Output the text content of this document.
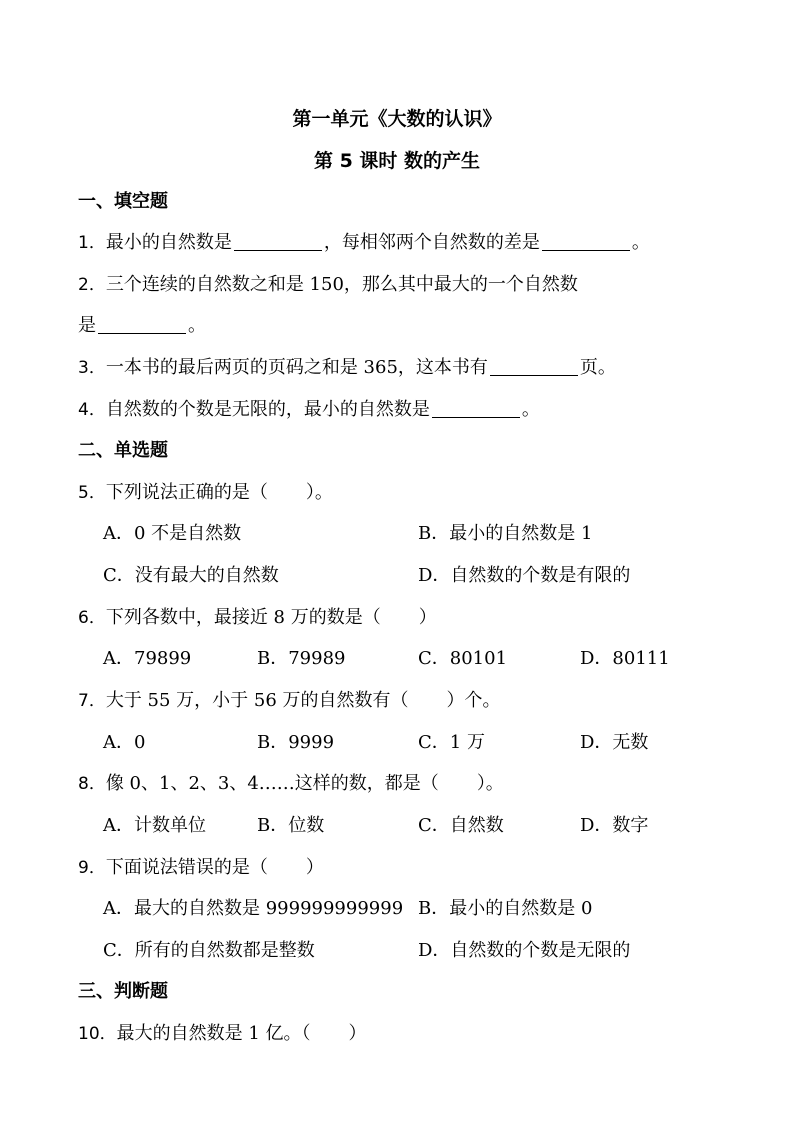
第一单元《大数的认识》
第 5 课时 数的产生
一、填空题
1．最小的自然数是	，每相邻两个自然数的差是	。
2．三个连续的自然数之和是 150，那么其中最大的一个自然数
是	。
3．一本书的最后两页的页码之和是 365，这本书有	页。
4．自然数的个数是无限的，最小的自然数是	。
二、单选题
5．下列说法正确的是（ ）。
A．0 不是自然数	B．最小的自然数是 1
C．没有最大的自然数	D．自然数的个数是有限的
6．下列各数中，最接近 8 万的数是（ ）
A．79899	B．79989	C．80101	D．80111
7．大于 55 万，小于 56 万的自然数有（ ）个。
A．0	B．9999	C．1 万	D．无数
8．像 0、1、2、3、4……这样的数，都是（ ）。
A．计数单位	B．位数	C．自然数	D．数字
9．下面说法错误的是（ ）
A．最大的自然数是 999999999999 B．最小的自然数是 0
C．所有的自然数都是整数	D．自然数的个数是无限的
三、判断题
10．最大的自然数是 1 亿。（ ）
